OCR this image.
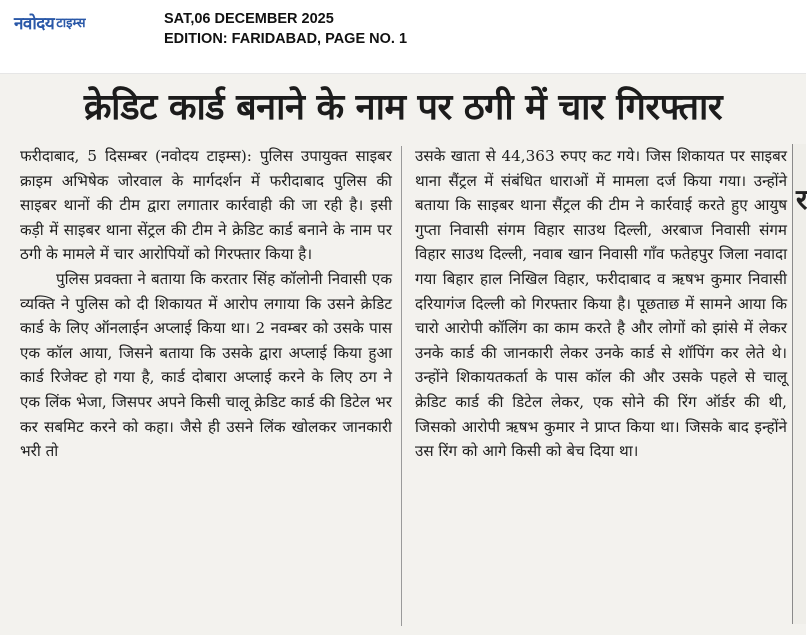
नवोदय टाइम्स	SAT,06 DECEMBER 2025
EDITION: FARIDABAD, PAGE NO. 1
क्रेडिट कार्ड बनाने के नाम पर ठगी में चार गिरफ्तार

फरीदाबाद, 5 दिसम्बर (नवोदय टाइम्स): पुलिस उपायुक्त साइबर क्राइम अभिषेक जोरवाल के मार्गदर्शन में फरीदाबाद पुलिस की साइबर थानों की टीम द्वारा लगातार कार्रवाही की जा रही है। इसी कड़ी में साइबर थाना सेंट्रल की टीम ने क्रेडिट कार्ड बनाने के नाम पर ठगी के मामले में चार आरोपियों को गिरफ्तार किया है।

पुलिस प्रवक्ता ने बताया कि करतार सिंह कॉलोनी निवासी एक व्यक्ति ने पुलिस को दी शिकायत में आरोप लगाया कि उसने क्रेडिट कार्ड के लिए ऑनलाईन अप्लाई किया था। 2 नवम्बर को उसके पास एक कॉल आया, जिसने बताया कि उसके द्वारा अप्लाई किया हुआ कार्ड रिजेक्ट हो गया है, कार्ड दोबारा अप्लाई करने के लिए ठग ने एक लिंक भेजा, जिसपर अपने किसी चालू क्रेडिट कार्ड की डिटेल भर कर सबमिट करने को कहा। जैसे ही उसने लिंक खोलकर जानकारी भरी तो

उसके खाता से 44,363 रुपए कट गये। जिस शिकायत पर साइबर थाना सैंट्रल में संबंधित धाराओं में मामला दर्ज किया गया। उन्होंने बताया कि साइबर थाना सैंट्रल की टीम ने कार्रवाई करते हुए आयुष गुप्ता निवासी संगम विहार साउथ दिल्ली, अरबाज निवासी संगम विहार साउथ दिल्ली, नवाब खान निवासी गाँव फतेहपुर जिला नवादा गया बिहार हाल निखिल विहार, फरीदाबाद व ऋषभ कुमार निवासी दरियागंज दिल्ली को गिरफ्तार किया है। पूछताछ में सामने आया कि चारो आरोपी कॉलिंग का काम करते है और लोगों को झांसे में लेकर उनके कार्ड की जानकारी लेकर उनके कार्ड से शॉपिंग कर लेते थे। उन्होंने शिकायतकर्ता के पास कॉल की और उसके पहले से चालू क्रेडिट कार्ड की डिटेल लेकर, एक सोने की रिंग ऑर्डर की थी, जिसको आरोपी ऋषभ कुमार ने प्राप्त किया था। जिसके बाद इन्होंने उस रिंग को आगे किसी को बेच दिया था।

र
